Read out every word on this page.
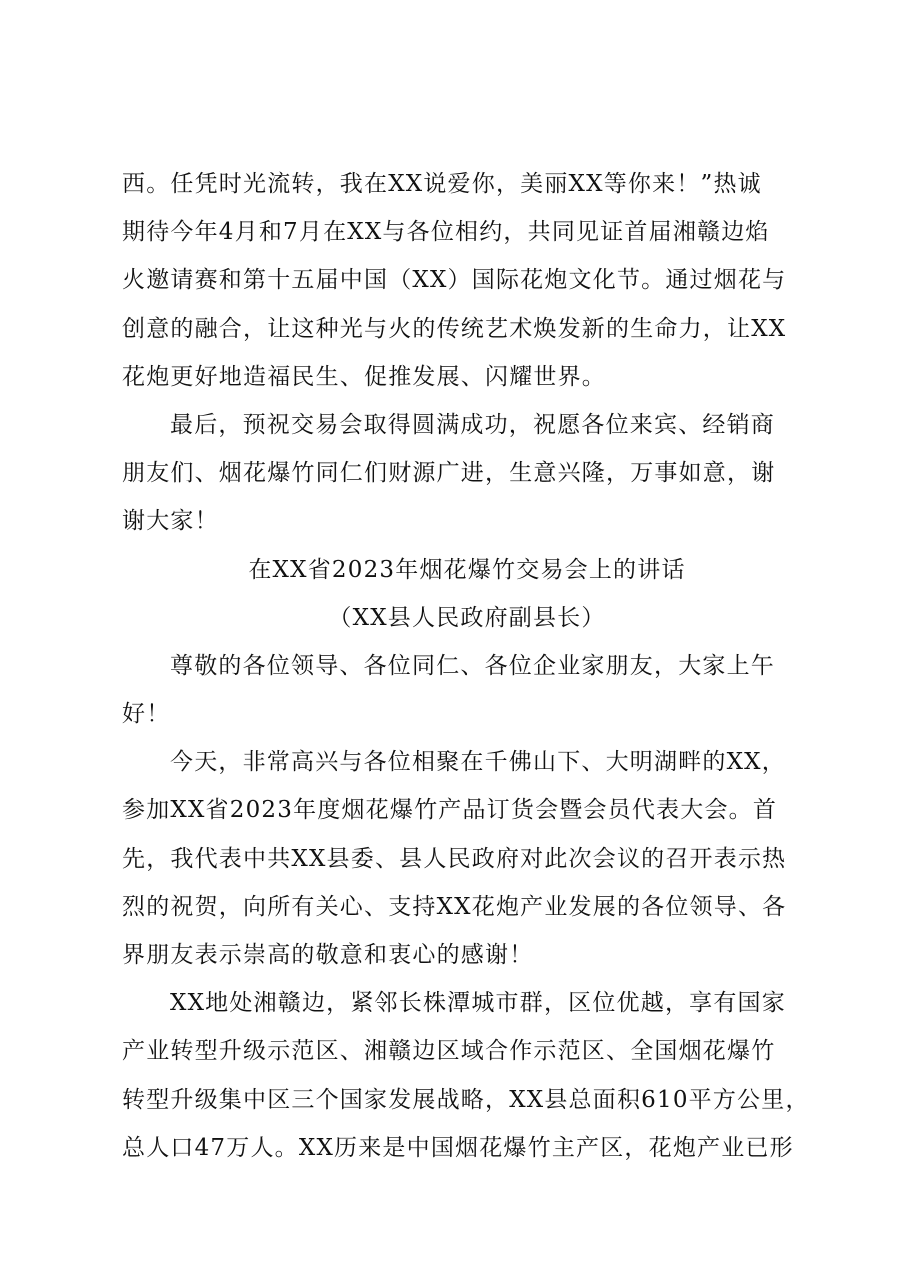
西。任凭时光流转，我在XX说爱你，美丽XX等你来！”热诚
期待今年4月和7月在XX与各位相约，共同见证首届湘赣边焰
火邀请赛和第十五届中国（XX）国际花炮文化节。通过烟花与
创意的融合，让这种光与火的传统艺术焕发新的生命力，让XX
花炮更好地造福民生、促推发展、闪耀世界。
最后，预祝交易会取得圆满成功，祝愿各位来宾、经销商
朋友们、烟花爆竹同仁们财源广进，生意兴隆，万事如意，谢
谢大家！
在XX省2023年烟花爆竹交易会上的讲话
（XX县人民政府副县长）
尊敬的各位领导、各位同仁、各位企业家朋友，大家上午
好！
今天，非常高兴与各位相聚在千佛山下、大明湖畔的XX，
参加XX省2023年度烟花爆竹产品订货会暨会员代表大会。首
先，我代表中共XX县委、县人民政府对此次会议的召开表示热
烈的祝贺，向所有关心、支持XX花炮产业发展的各位领导、各
界朋友表示崇高的敬意和衷心的感谢！
XX地处湘赣边，紧邻长株潭城市群，区位优越，享有国家
产业转型升级示范区、湘赣边区域合作示范区、全国烟花爆竹
转型升级集中区三个国家发展战略，XX县总面积610平方公里，
总人口47万人。XX历来是中国烟花爆竹主产区，花炮产业已形
